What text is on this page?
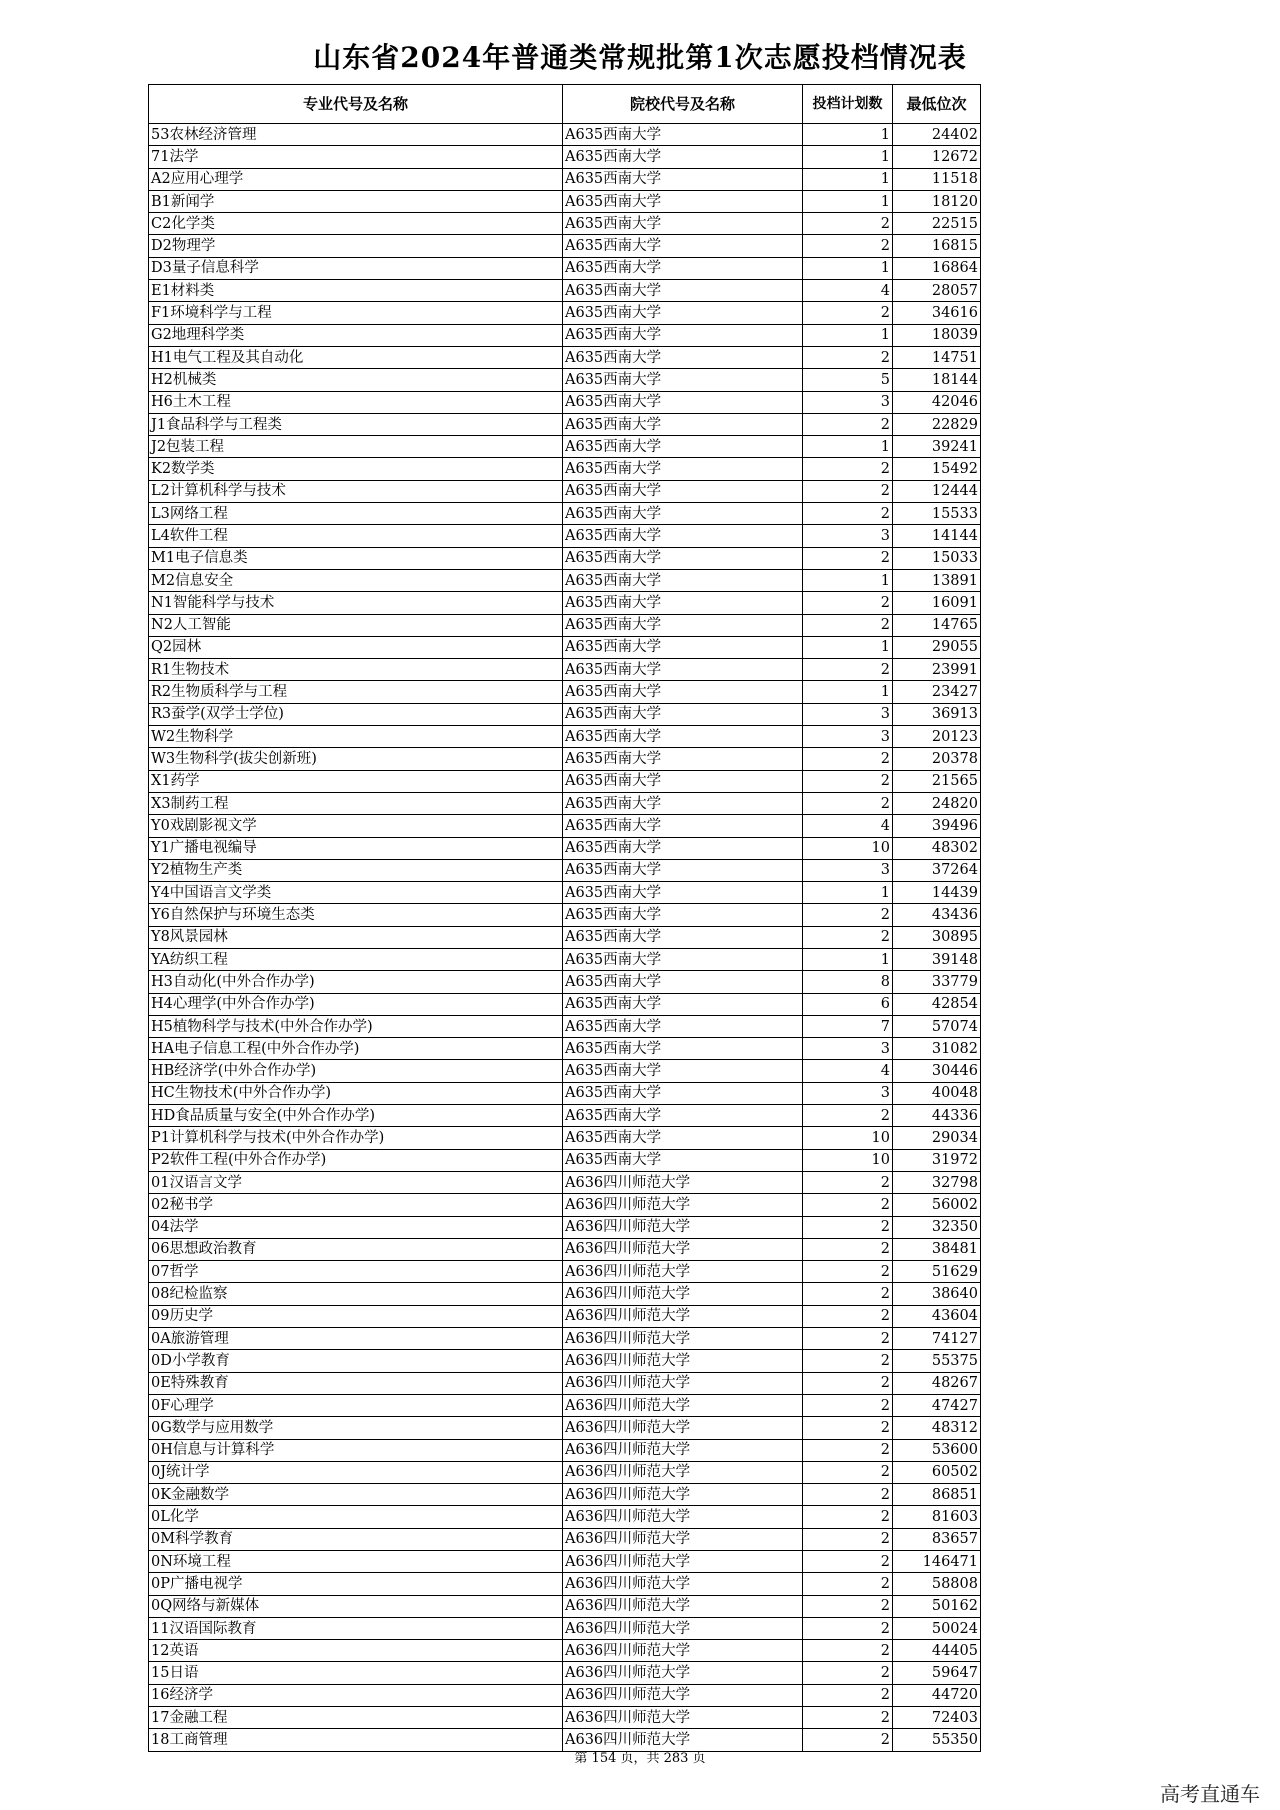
山东省2024年普通类常规批第1次志愿投档情况表
专业代号及名称	院校代号及名称	投档计划数	最低位次
53农林经济管理	A635西南大学	1	24402
71法学	A635西南大学	1	12672
A2应用心理学	A635西南大学	1	11518
B1新闻学	A635西南大学	1	18120
C2化学类	A635西南大学	2	22515
D2物理学	A635西南大学	2	16815
D3量子信息科学	A635西南大学	1	16864
E1材料类	A635西南大学	4	28057
F1环境科学与工程	A635西南大学	2	34616
G2地理科学类	A635西南大学	1	18039
H1电气工程及其自动化	A635西南大学	2	14751
H2机械类	A635西南大学	5	18144
H6土木工程	A635西南大学	3	42046
J1食品科学与工程类	A635西南大学	2	22829
J2包装工程	A635西南大学	1	39241
K2数学类	A635西南大学	2	15492
L2计算机科学与技术	A635西南大学	2	12444
L3网络工程	A635西南大学	2	15533
L4软件工程	A635西南大学	3	14144
M1电子信息类	A635西南大学	2	15033
M2信息安全	A635西南大学	1	13891
N1智能科学与技术	A635西南大学	2	16091
N2人工智能	A635西南大学	2	14765
Q2园林	A635西南大学	1	29055
R1生物技术	A635西南大学	2	23991
R2生物质科学与工程	A635西南大学	1	23427
R3蚕学(双学士学位)	A635西南大学	3	36913
W2生物科学	A635西南大学	3	20123
W3生物科学(拔尖创新班)	A635西南大学	2	20378
X1药学	A635西南大学	2	21565
X3制药工程	A635西南大学	2	24820
Y0戏剧影视文学	A635西南大学	4	39496
Y1广播电视编导	A635西南大学	10	48302
Y2植物生产类	A635西南大学	3	37264
Y4中国语言文学类	A635西南大学	1	14439
Y6自然保护与环境生态类	A635西南大学	2	43436
Y8风景园林	A635西南大学	2	30895
YA纺织工程	A635西南大学	1	39148
H3自动化(中外合作办学)	A635西南大学	8	33779
H4心理学(中外合作办学)	A635西南大学	6	42854
H5植物科学与技术(中外合作办学)	A635西南大学	7	57074
HA电子信息工程(中外合作办学)	A635西南大学	3	31082
HB经济学(中外合作办学)	A635西南大学	4	30446
HC生物技术(中外合作办学)	A635西南大学	3	40048
HD食品质量与安全(中外合作办学)	A635西南大学	2	44336
P1计算机科学与技术(中外合作办学)	A635西南大学	10	29034
P2软件工程(中外合作办学)	A635西南大学	10	31972
01汉语言文学	A636四川师范大学	2	32798
02秘书学	A636四川师范大学	2	56002
04法学	A636四川师范大学	2	32350
06思想政治教育	A636四川师范大学	2	38481
07哲学	A636四川师范大学	2	51629
08纪检监察	A636四川师范大学	2	38640
09历史学	A636四川师范大学	2	43604
0A旅游管理	A636四川师范大学	2	74127
0D小学教育	A636四川师范大学	2	55375
0E特殊教育	A636四川师范大学	2	48267
0F心理学	A636四川师范大学	2	47427
0G数学与应用数学	A636四川师范大学	2	48312
0H信息与计算科学	A636四川师范大学	2	53600
0J统计学	A636四川师范大学	2	60502
0K金融数学	A636四川师范大学	2	86851
0L化学	A636四川师范大学	2	81603
0M科学教育	A636四川师范大学	2	83657
0N环境工程	A636四川师范大学	2	146471
0P广播电视学	A636四川师范大学	2	58808
0Q网络与新媒体	A636四川师范大学	2	50162
11汉语国际教育	A636四川师范大学	2	50024
12英语	A636四川师范大学	2	44405
15日语	A636四川师范大学	2	59647
16经济学	A636四川师范大学	2	44720
17金融工程	A636四川师范大学	2	72403
18工商管理	A636四川师范大学	2	55350
第 154 页，共 283 页
高考直通车
